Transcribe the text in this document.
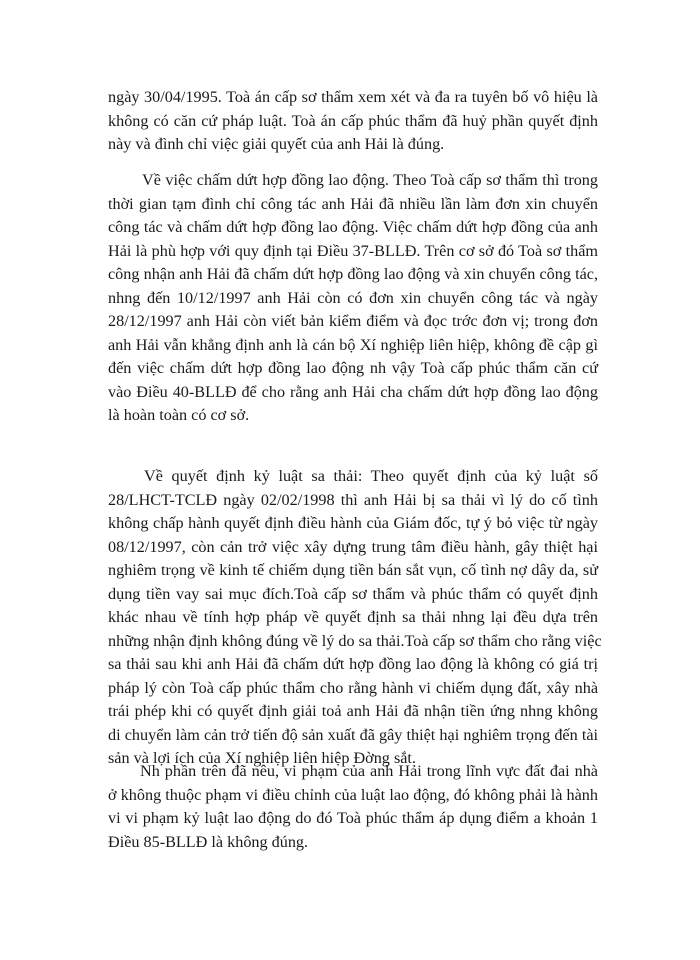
ngày 30/04/1995. Toà án cấp sơ thẩm xem xét và đa ra tuyên bố vô hiệu là
không có căn cứ pháp luật. Toà án cấp phúc thẩm đã huỷ phần quyết định
này và đình chỉ việc giải quyết của anh Hải là đúng.
Về việc chấm dứt hợp đồng lao động. Theo Toà cấp sơ thẩm thì trong
thời gian tạm đình chỉ công tác anh Hải đã nhiều lần làm đơn xin chuyển
công tác và chấm dứt hợp đồng lao động. Việc chấm dứt hợp đồng của anh
Hải là phù hợp với quy định tại Điều 37-BLLĐ. Trên cơ sở đó Toà sơ thẩm
công nhận anh Hải đã chấm dứt hợp đồng lao động và xin chuyển công tác,
nhng đến 10/12/1997 anh Hải còn có đơn xin chuyển công tác và ngày
28/12/1997 anh Hải còn viết bản kiểm điểm và đọc trớc đơn vị; trong đơn
anh Hải vẫn khẳng định anh là cán bộ Xí nghiệp liên hiệp, không đề cập gì
đến việc chấm dứt hợp đồng lao động nh vậy Toà cấp phúc thẩm căn cứ
vào Điều 40-BLLĐ để cho rằng anh Hải cha chấm dứt hợp đồng lao động
là hoàn toàn có cơ sở.
Về quyết định kỷ luật sa thải: Theo quyết định của kỷ luật số
28/LHCT-TCLĐ ngày 02/02/1998 thì anh Hải bị sa thải vì lý do cố tình
không chấp hành quyết định điều hành của Giám đốc, tự ý bỏ việc từ ngày
08/12/1997, còn cản trở việc xây dựng trung tâm điều hành, gây thiệt hại
nghiêm trọng về kinh tế chiếm dụng tiền bán sắt vụn, cố tình nợ dây da, sử
dụng tiền vay sai mục đích.Toà cấp sơ thẩm và phúc thẩm có quyết định
khác nhau về tính hợp pháp về quyết định sa thải nhng lại đều dựa trên
những nhận định không đúng về lý do sa thải.Toà cấp sơ thẩm cho rằng việc
sa thải sau khi anh Hải đã chấm dứt hợp đồng lao động là không có giá trị
pháp lý còn Toà cấp phúc thẩm cho rằng hành vi chiếm dụng đất, xây nhà
trái phép khi có quyết định giải toả anh Hải đã nhận tiền ứng nhng không
di chuyển làm cản trở tiến độ sản xuất đã gây thiệt hại nghiêm trọng đến tài
sản và lợi ích của Xí nghiệp liên hiệp Đờng sắt.
Nh phần trên đã nêu, vi phạm của anh Hải trong lĩnh vực đất đai nhà
ở không thuộc phạm vi điều chỉnh của luật lao động, đó không phải là hành
vi vi phạm kỷ luật lao động do đó Toà phúc thẩm áp dụng điểm a khoản 1
Điều 85-BLLĐ là không đúng.
